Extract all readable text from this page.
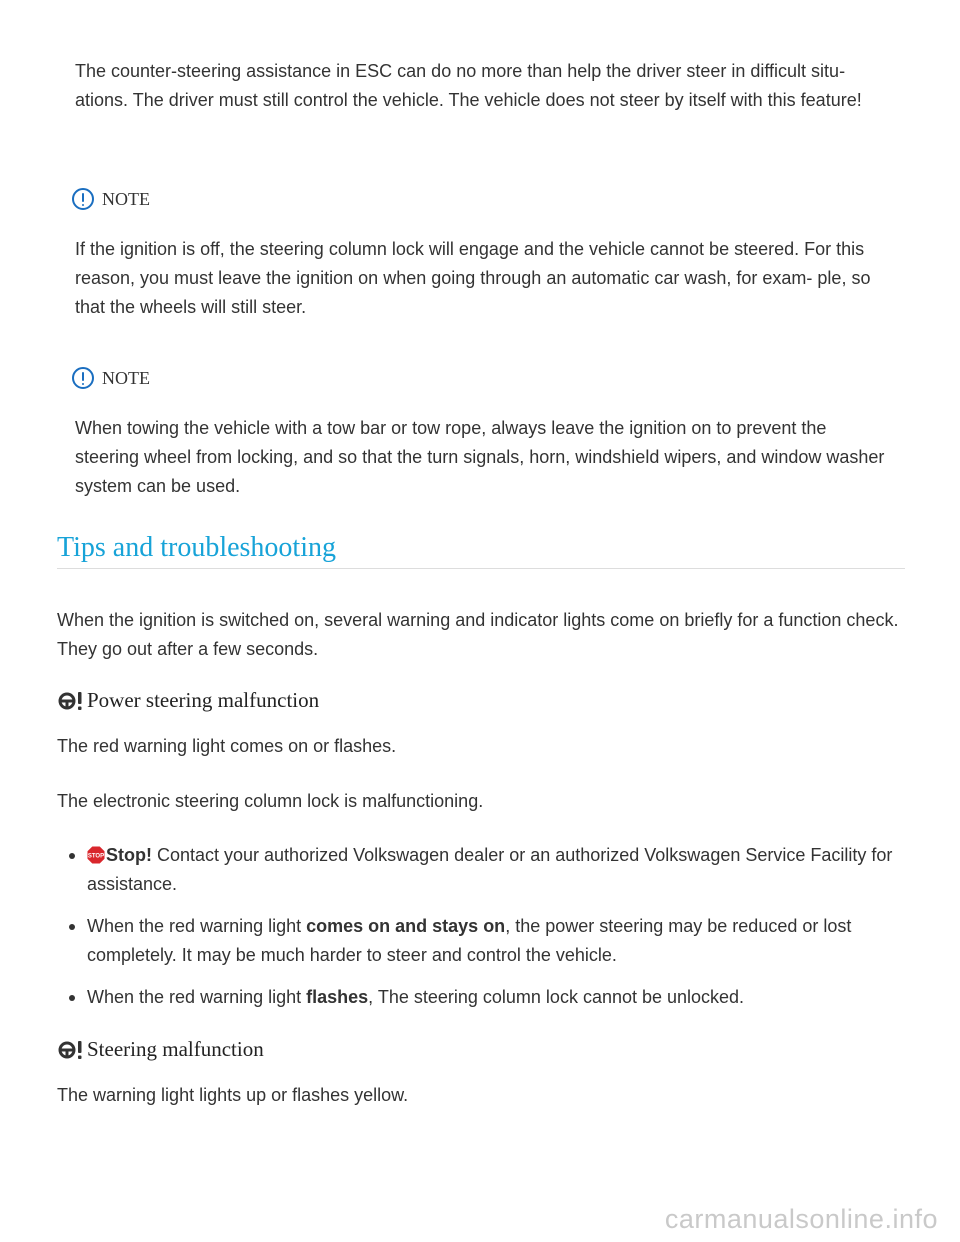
The counter-steering assistance in ESC can do no more than help the driver steer in difficult situ- ations. The driver must still control the vehicle. The vehicle does not steer by itself with this feature!

NOTE

If the ignition is off, the steering column lock will engage and the vehicle cannot be steered. For this reason, you must leave the ignition on when going through an automatic car wash, for exam- ple, so that the wheels will still steer.

NOTE

When towing the vehicle with a tow bar or tow rope, always leave the ignition on to prevent the steering wheel from locking, and so that the turn signals, horn, windshield wipers, and window washer system can be used.

Tips and troubleshooting

When the ignition is switched on, several warning and indicator lights come on briefly for a function check. They go out after a few seconds.

Power steering malfunction

The red warning light comes on or flashes.

The electronic steering column lock is malfunctioning.

STOP Stop! Contact your authorized Volkswagen dealer or an authorized Volkswagen Service Facility for assistance.
When the red warning light comes on and stays on, the power steering may be reduced or lost completely. It may be much harder to steer and control the vehicle.
When the red warning light flashes, The steering column lock cannot be unlocked.
Steering malfunction

The warning light lights up or flashes yellow.

carmanualsonline.info
